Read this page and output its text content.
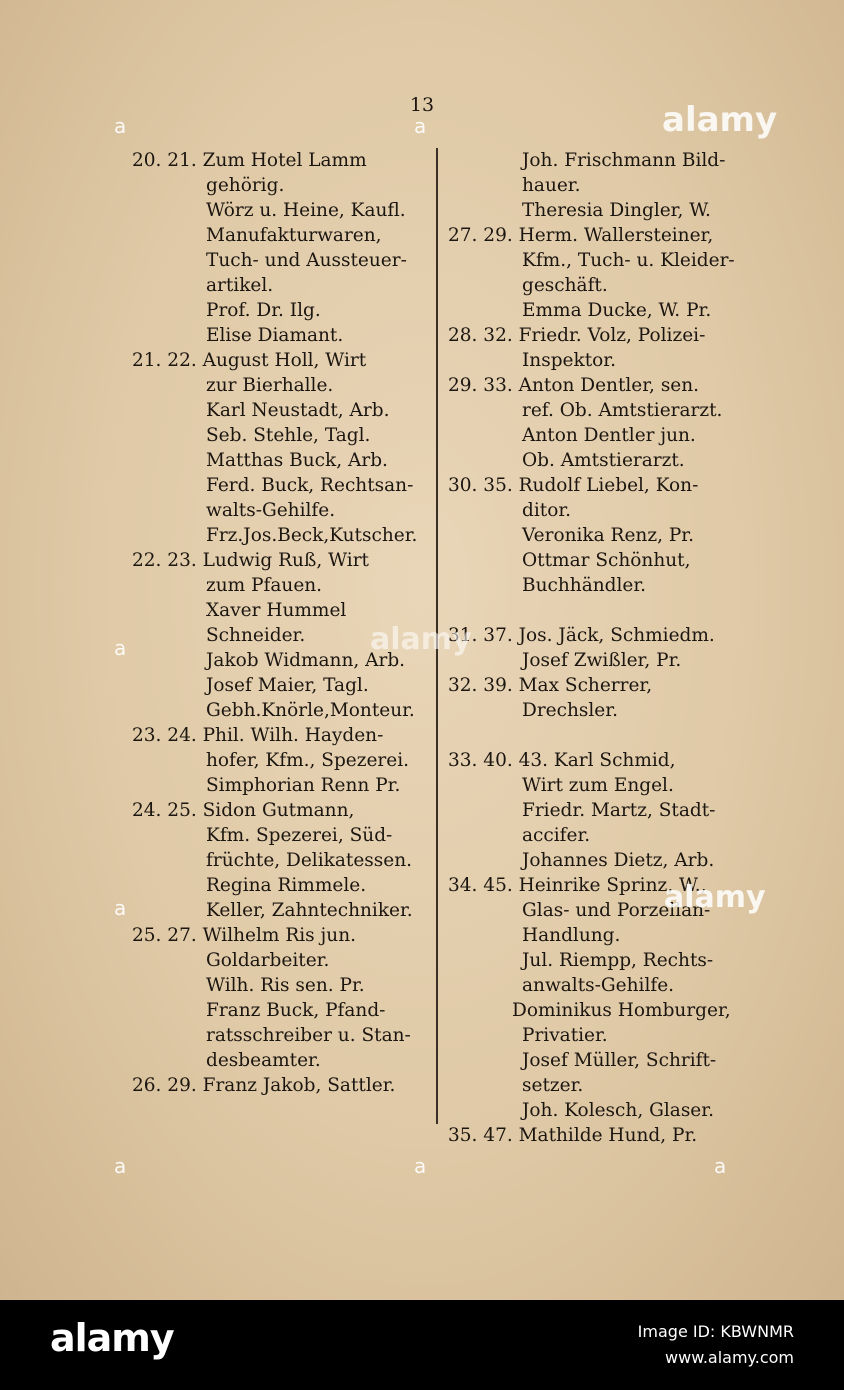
13
20. 21. Zum Hotel Lamm
gehörig.
Wörz u. Heine, Kaufl.
Manufakturwaren,
Tuch- und Aussteuer-
artikel.
Prof. Dr. Ilg.
Elise Diamant.
21. 22. August Holl, Wirt
zur Bierhalle.
Karl Neustadt, Arb.
Seb. Stehle, Tagl.
Matthas Buck, Arb.
Ferd. Buck, Rechtsan-
walts-Gehilfe.
Frz.Jos.Beck,Kutscher.
22. 23. Ludwig Ruß, Wirt
zum Pfauen.
Xaver Hummel
Schneider.
Jakob Widmann, Arb.
Josef Maier, Tagl.
Gebh.Knörle,Monteur.
23. 24. Phil. Wilh. Hayden-
hofer, Kfm., Spezerei.
Simphorian Renn Pr.
24. 25. Sidon Gutmann,
Kfm. Spezerei, Süd-
früchte, Delikatessen.
Regina Rimmele.
Keller, Zahntechniker.
25. 27. Wilhelm Ris jun.
Goldarbeiter.
Wilh. Ris sen. Pr.
Franz Buck, Pfand-
ratsschreiber u. Stan-
desbeamter.
26. 29. Franz Jakob, Sattler.
Joh. Frischmann Bild-
hauer.
Theresia Dingler, W.
27. 29. Herm. Wallersteiner,
Kfm., Tuch- u. Kleider-
geschäft.
Emma Ducke, W. Pr.
28. 32. Friedr. Volz, Polizei-
Inspektor.
29. 33. Anton Dentler, sen.
ref. Ob. Amtstierarzt.
Anton Dentler jun.
Ob. Amtstierarzt.
30. 35. Rudolf Liebel, Kon-
ditor.
Veronika Renz, Pr.
Ottmar Schönhut,
Buchhändler.
31. 37. Jos. Jäck, Schmiedm.
Josef Zwißler, Pr.
32. 39. Max Scherrer,
Drechsler.
33. 40. 43. Karl Schmid,
Wirt zum Engel.
Friedr. Martz, Stadt-
accifer.
Johannes Dietz, Arb.
34. 45. Heinrike Sprinz, W.,
Glas- und Porzellan-
Handlung.
Jul. Riempp, Rechts-
anwalts-Gehilfe.
Dominikus Homburger,
Privatier.
Josef Müller, Schrift-
setzer.
Joh. Kolesch, Glaser.
35. 47. Mathilde Hund, Pr.
alamy
alamy
alamy
a	a
a
a
a	a	a
alamy	Image ID: KBWNMR
www.alamy.com
